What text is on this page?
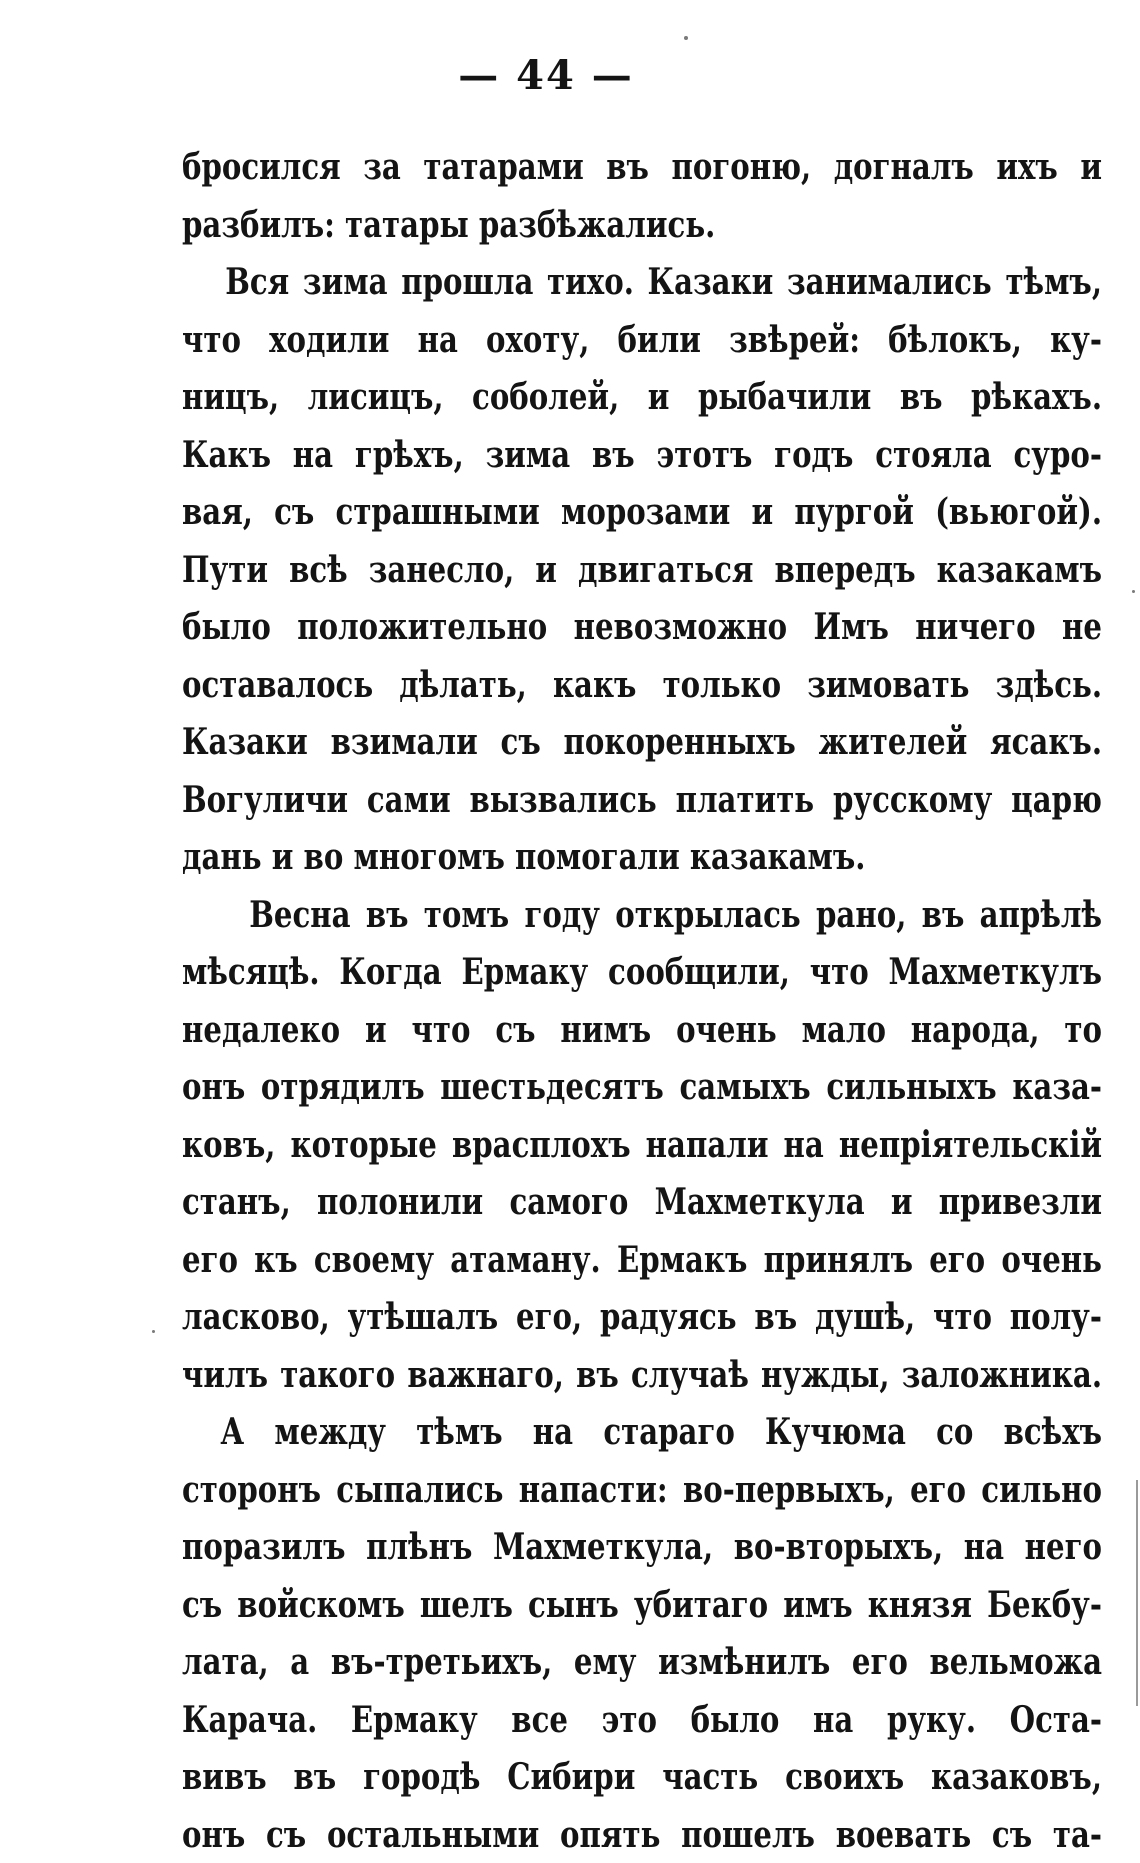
— 44 —
бросился за татарами въ погоню, догналъ ихъ и
разбилъ: татары разбѣжались.
Вся зима прошла тихо. Казаки занимались тѣмъ,
что ходили на охоту, били звѣрей: бѣлокъ, ку-
ницъ, лисицъ, соболей, и рыбачили въ рѣкахъ.
Какъ на грѣхъ, зима въ этотъ годъ стояла суро-
вая, съ страшными морозами и пургой (вьюгой).
Пути всѣ занесло, и двигаться впередъ казакамъ
было положительно невозможно Имъ ничего не
оставалось дѣлать, какъ только зимовать здѣсь.
Казаки взимали съ покоренныхъ жителей ясакъ.
Вогуличи сами вызвались платить русскому царю
дань и во многомъ помогали казакамъ.
Весна въ томъ году открылась рано, въ апрѣлѣ
мѣсяцѣ. Когда Ермаку сообщили, что Махметкулъ
недалеко и что съ нимъ очень мало народа, то
онъ отрядилъ шестьдесятъ самыхъ сильныхъ каза-
ковъ, которые врасплохъ напали на непріятельскій
станъ, полонили самого Махметкула и привезли
его къ своему атаману. Ермакъ принялъ его очень
ласково, утѣшалъ его, радуясь въ душѣ, что полу-
чилъ такого важнаго, въ случаѣ нужды, заложника.
А между тѣмъ на стараго Кучюма со всѣхъ
сторонъ сыпались напасти: во-первыхъ, его сильно
поразилъ плѣнъ Махметкула, во-вторыхъ, на него
съ войскомъ шелъ сынъ убитаго имъ князя Бекбу-
лата, а въ-третьихъ, ему измѣнилъ его вельможа
Карача. Ермаку все это было на руку. Оста-
вивъ въ городѣ Сибири часть своихъ казаковъ,
онъ съ остальными опять пошелъ воевать съ та-
